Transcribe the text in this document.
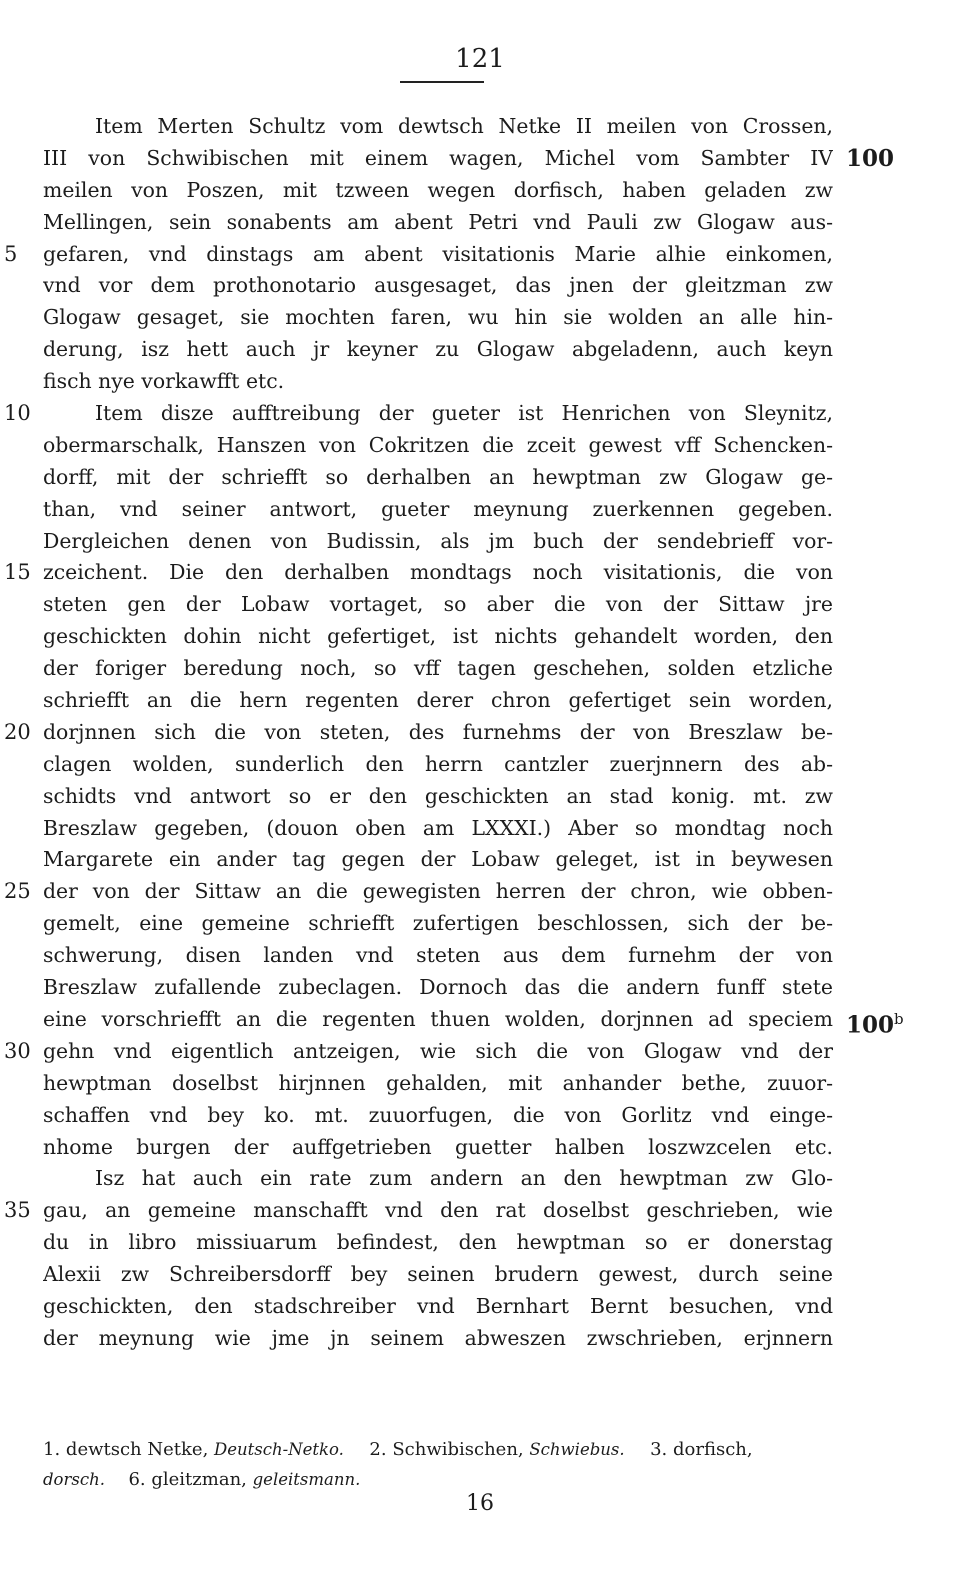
121
Item Merten Schultz vom dewtsch Netke II meilen von Crossen,
III von Schwibischen mit einem wagen, Michel vom Sambter IV 100
meilen von Poszen, mit tzween wegen dorfisch, haben geladen zw
Mellingen, sein sonabents am abent Petri vnd Pauli zw Glogaw aus-
5 gefaren, vnd dinstags am abent visitationis Marie alhie einkomen,
vnd vor dem prothonotario ausgesaget, das jnen der gleitzman zw
Glogaw gesaget, sie mochten faren, wu hin sie wolden an alle hin-
derung, isz hett auch jr keyner zu Glogaw abgeladenn, auch keyn
fisch nye vorkawfft etc.
10	Item disze aufftreibung der gueter ist Henrichen von Sleynitz,
obermarschalk, Hanszen von Cokritzen die zceit gewest vff Schencken-
dorff, mit der schriefft so derhalben an hewptman zw Glogaw ge-
than, vnd seiner antwort, gueter meynung zuerkennen gegeben.
Dergleichen denen von Budissin, als jm buch der sendebrieff vor-
15 zceichent. Die den derhalben mondtags noch visitationis, die von
steten gen der Lobaw vortaget, so aber die von der Sittaw jre
geschickten dohin nicht gefertiget, ist nichts gehandelt worden, den
der foriger beredung noch, so vff tagen geschehen, solden etzliche
schriefft an die hern regenten derer chron gefertiget sein worden,
20 dorjnnen sich die von steten, des furnehms der von Breszlaw be-
clagen wolden, sunderlich den herrn cantzler zuerjnnern des ab-
schidts vnd antwort so er den geschickten an stad konig. mt. zw
Breszlaw gegeben, (douon oben am LXXXI.) Aber so mondtag noch
Margarete ein ander tag gegen der Lobaw geleget, ist in beywesen
25 der von der Sittaw an die gewegisten herren der chron, wie obben-
gemelt, eine gemeine schriefft zufertigen beschlossen, sich der be-
schwerung, disen landen vnd steten aus dem furnehm der von
Breszlaw zufallende zubeclagen. Dornoch das die andern funff stete
eine vorschriefft an die regenten thuen wolden, dorjnnen ad speciem 100$^b$
30 gehn vnd eigentlich antzeigen, wie sich die von Glogaw vnd der
hewptman doselbst hirjnnen gehalden, mit anhander bethe, zuuor-
schaffen vnd bey ko. mt. zuuorfugen, die von Gorlitz vnd einge-
nhome burgen der auffgetrieben guetter halben loszwzcelen etc.
Isz hat auch ein rate zum andern an den hewptman zw Glo-
35 gau, an gemeine manschafft vnd den rat doselbst geschrieben, wie
du in libro missiuarum befindest, den hewptman so er donerstag
Alexii zw Schreibersdorff bey seinen brudern gewest, durch seine
geschickten, den stadschreiber vnd Bernhart Bernt besuchen, vnd
der meynung wie jme jn seinem abweszen zwschrieben, erjnnern
1. dewtsch Netke, Deutsch-Netko. 2. Schwibischen, Schwiebus. 3. dorfisch,
dorsch. 6. gleitzman, geleitsmann.
16
